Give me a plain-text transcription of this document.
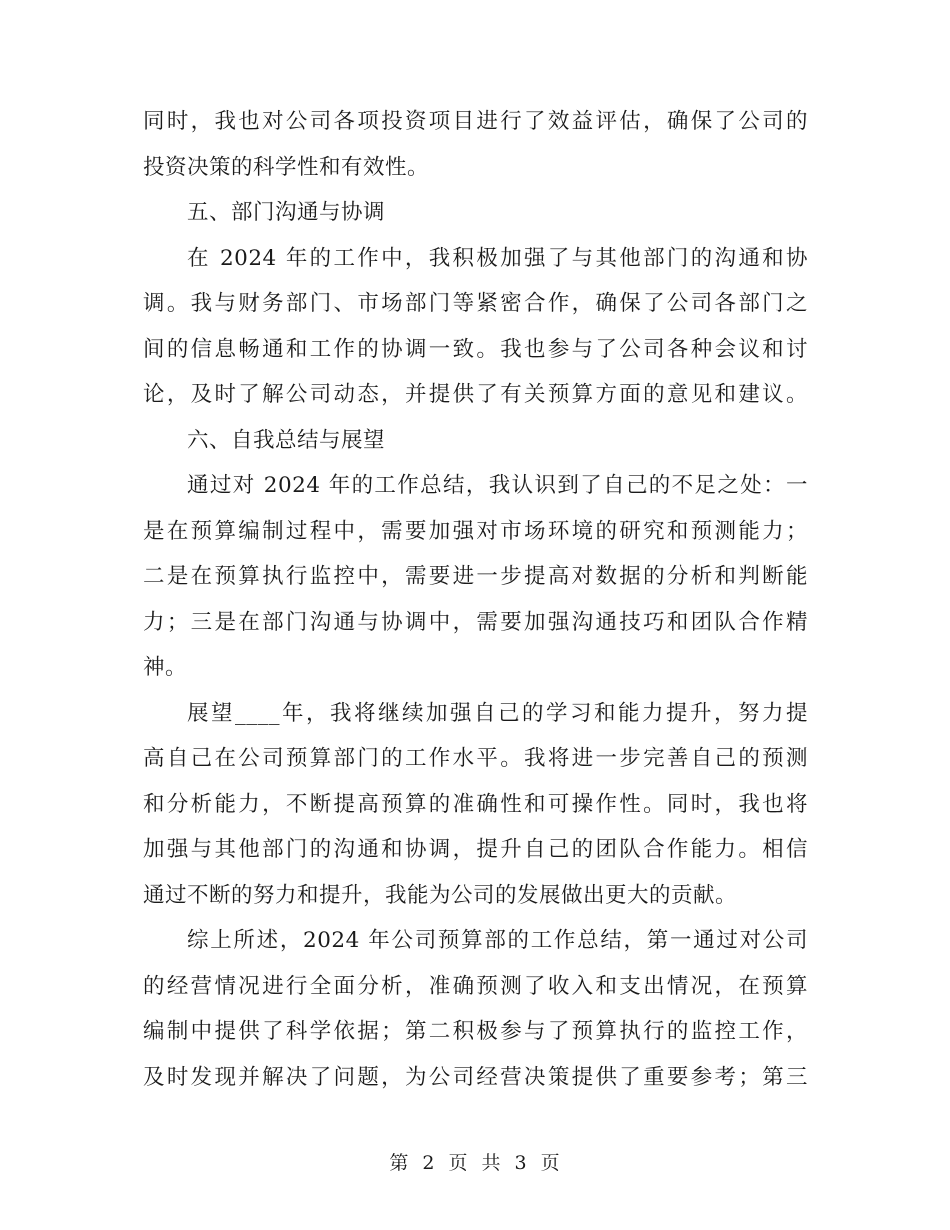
同时，我也对公司各项投资项目进行了效益评估，确保了公司的
投资决策的科学性和有效性。
五、部门沟通与协调
在 2024 年的工作中，我积极加强了与其他部门的沟通和协
调。我与财务部门、市场部门等紧密合作，确保了公司各部门之
间的信息畅通和工作的协调一致。我也参与了公司各种会议和讨
论，及时了解公司动态，并提供了有关预算方面的意见和建议。
六、自我总结与展望
通过对 2024 年的工作总结，我认识到了自己的不足之处：一
是在预算编制过程中，需要加强对市场环境的研究和预测能力；
二是在预算执行监控中，需要进一步提高对数据的分析和判断能
力；三是在部门沟通与协调中，需要加强沟通技巧和团队合作精
神。
展望____年，我将继续加强自己的学习和能力提升，努力提
高自己在公司预算部门的工作水平。我将进一步完善自己的预测
和分析能力，不断提高预算的准确性和可操作性。同时，我也将
加强与其他部门的沟通和协调，提升自己的团队合作能力。相信
通过不断的努力和提升，我能为公司的发展做出更大的贡献。
综上所述，2024 年公司预算部的工作总结，第一通过对公司
的经营情况进行全面分析，准确预测了收入和支出情况，在预算
编制中提供了科学依据；第二积极参与了预算执行的监控工作，
及时发现并解决了问题，为公司经营决策提供了重要参考；第三
第 2 页 共 3 页
